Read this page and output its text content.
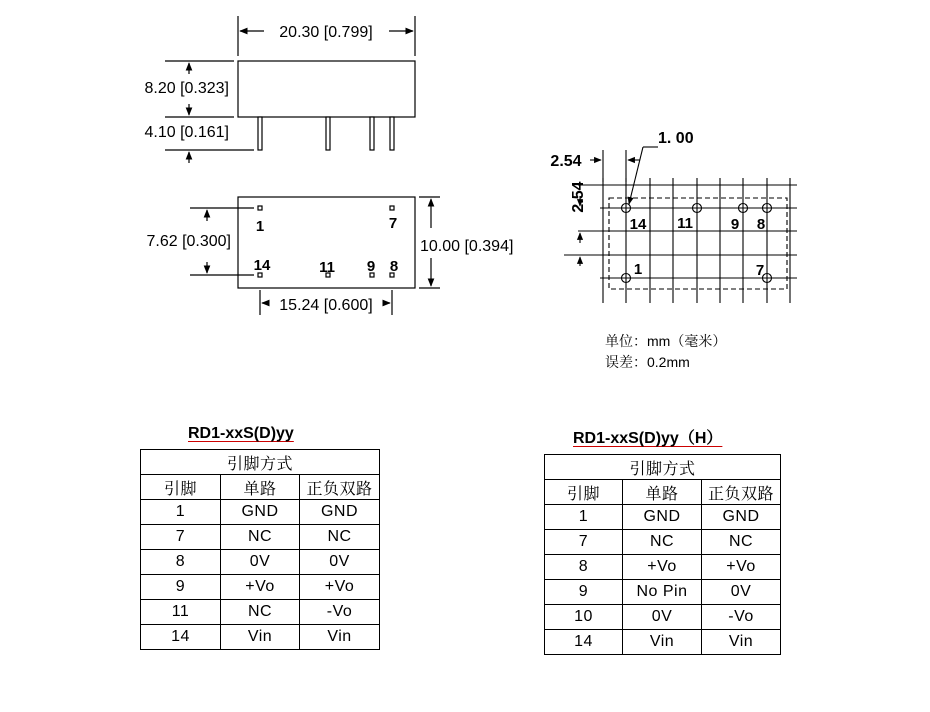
20.30 [0.799]
8.20 [0.323]
4.10 [0.161]
1	7
14	11 9 8
7.62 [0.300]	10.00 [0.394]
15.24 [0.600]
1. 00
2.54
2.54
14 11	9 8
1	7
单位：mm（毫米）
误差：0.2mm
RD1-xxS(D)yy
引脚方式		
引脚	单路	正负双路
1	GND	GND
7	NC	NC
8	0V	0V
9	+Vo	+Vo
11	NC	-Vo
14	Vin	Vin
RD1-xxS(D)yy（H）
引脚方式		
引脚	单路	正负双路
1	GND	GND
7	NC	NC
8	+Vo	+Vo
9	No Pin	0V
10	0V	-Vo
14	Vin	Vin
